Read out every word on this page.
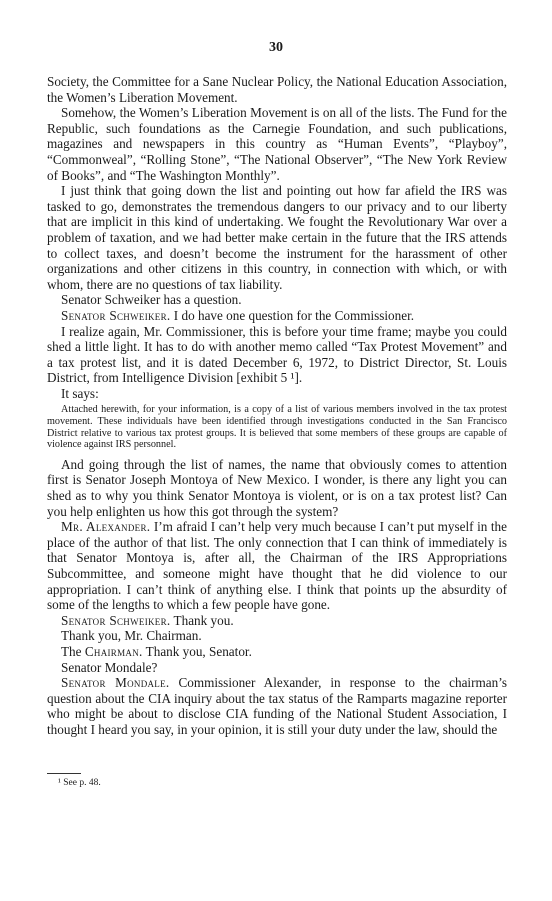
30

Society, the Committee for a Sane Nuclear Policy, the National Education Association, the Women’s Liberation Movement.

Somehow, the Women’s Liberation Movement is on all of the lists. The Fund for the Republic, such foundations as the Carnegie Foundation, and such publications, magazines and newspapers in this country as “Human Events”, “Playboy”, “Commonweal”, “Rolling Stone”, “The National Observer”, “The New York Review of Books”, and “The Washington Monthly”.

I just think that going down the list and pointing out how far afield the IRS was tasked to go, demonstrates the tremendous dangers to our privacy and to our liberty that are implicit in this kind of undertaking. We fought the Revolutionary War over a problem of taxation, and we had better make certain in the future that the IRS attends to collect taxes, and doesn’t become the instrument for the harassment of other organizations and other citizens in this country, in connection with which, or with whom, there are no questions of tax liability.

Senator Schweiker has a question.

Senator Schweiker. I do have one question for the Commissioner.

I realize again, Mr. Commissioner, this is before your time frame; maybe you could shed a little light. It has to do with another memo called “Tax Protest Movement” and a tax protest list, and it is dated December 6, 1972, to District Director, St. Louis District, from Intelligence Division [exhibit 5 ¹].

It says:

Attached herewith, for your information, is a copy of a list of various members involved in the tax protest movement. These individuals have been identified through investigations conducted in the San Francisco District relative to various tax protest groups. It is believed that some members of these groups are capable of violence against IRS personnel.

And going through the list of names, the name that obviously comes to attention first is Senator Joseph Montoya of New Mexico. I wonder, is there any light you can shed as to why you think Senator Montoya is violent, or is on a tax protest list? Can you help enlighten us how this got through the system?

Mr. Alexander. I’m afraid I can’t help very much because I can’t put myself in the place of the author of that list. The only connection that I can think of immediately is that Senator Montoya is, after all, the Chairman of the IRS Appropriations Subcommittee, and someone might have thought that he did violence to our appropriation. I can’t think of anything else. I think that points up the absurdity of some of the lengths to which a few people have gone.

Senator Schweiker. Thank you.

Thank you, Mr. Chairman.

The Chairman. Thank you, Senator.

Senator Mondale?

Senator Mondale. Commissioner Alexander, in response to the chairman’s question about the CIA inquiry about the tax status of the Ramparts magazine reporter who might be about to disclose CIA funding of the National Student Association, I thought I heard you say, in your opinion, it is still your duty under the law, should the

¹ See p. 48.
